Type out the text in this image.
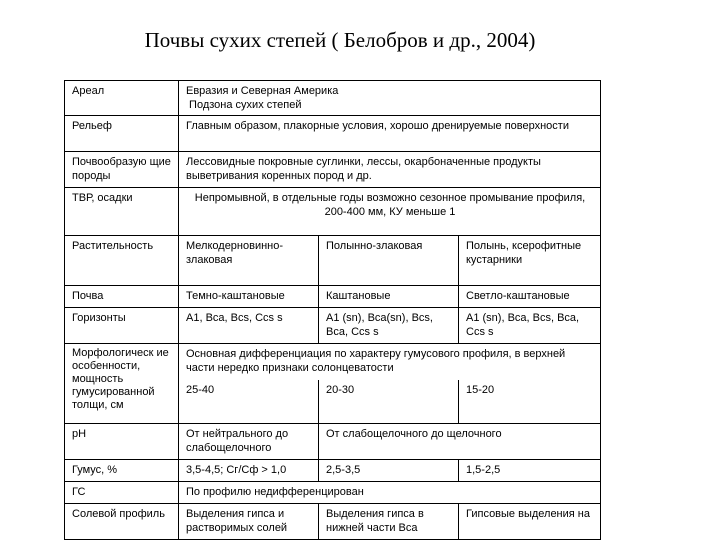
Почвы сухих степей ( Белобров и др., 2004)
Ареал	Евразия и Северная Америка
Подзона сухих степей		

Рельеф	Главным образом, плакорные условия, хорошо дренируемые поверхности		
Почвообразую щие породы	Лессовидные покровные суглинки, лессы, окарбоначенные продукты выветривания коренных пород и др.		
ТВР, осадки	Непромывной, в отдельные годы возможно сезонное промывание профиля, 200-400 мм, КУ меньше 1		
Растительность	Мелкодерновинно-злаковая	Полынно-злаковая	Полынь, ксерофитные кустарники
Почва	Темно-каштановые	Каштановые	Светло-каштановые
Горизонты	A1, Bca, Bcs, Ccs s	A1 (sn), Bca(sn), Bcs, Bca, Ccs s	A1 (sn), Bca, Bcs, Bca, Ccs s
Морфологическ ие особенности, мощность гумусированной толщи, см	Основная дифференциация по характеру гумусового профиля, в верхней части нередко признаки солонцеватости		
	25-40	20-30	15-20
рН	От нейтрального до слабощелочного	От слабощелочного до щелочного	
Гумус, %	3,5-4,5; Сг/Сф > 1,0	2,5-3,5	1,5-2,5
ГС	По профилю недифференцирован		
Солевой профиль	Выделения гипса и растворимых солей	Выделения гипса в нижней части Bca	Гипсовые выделения на
